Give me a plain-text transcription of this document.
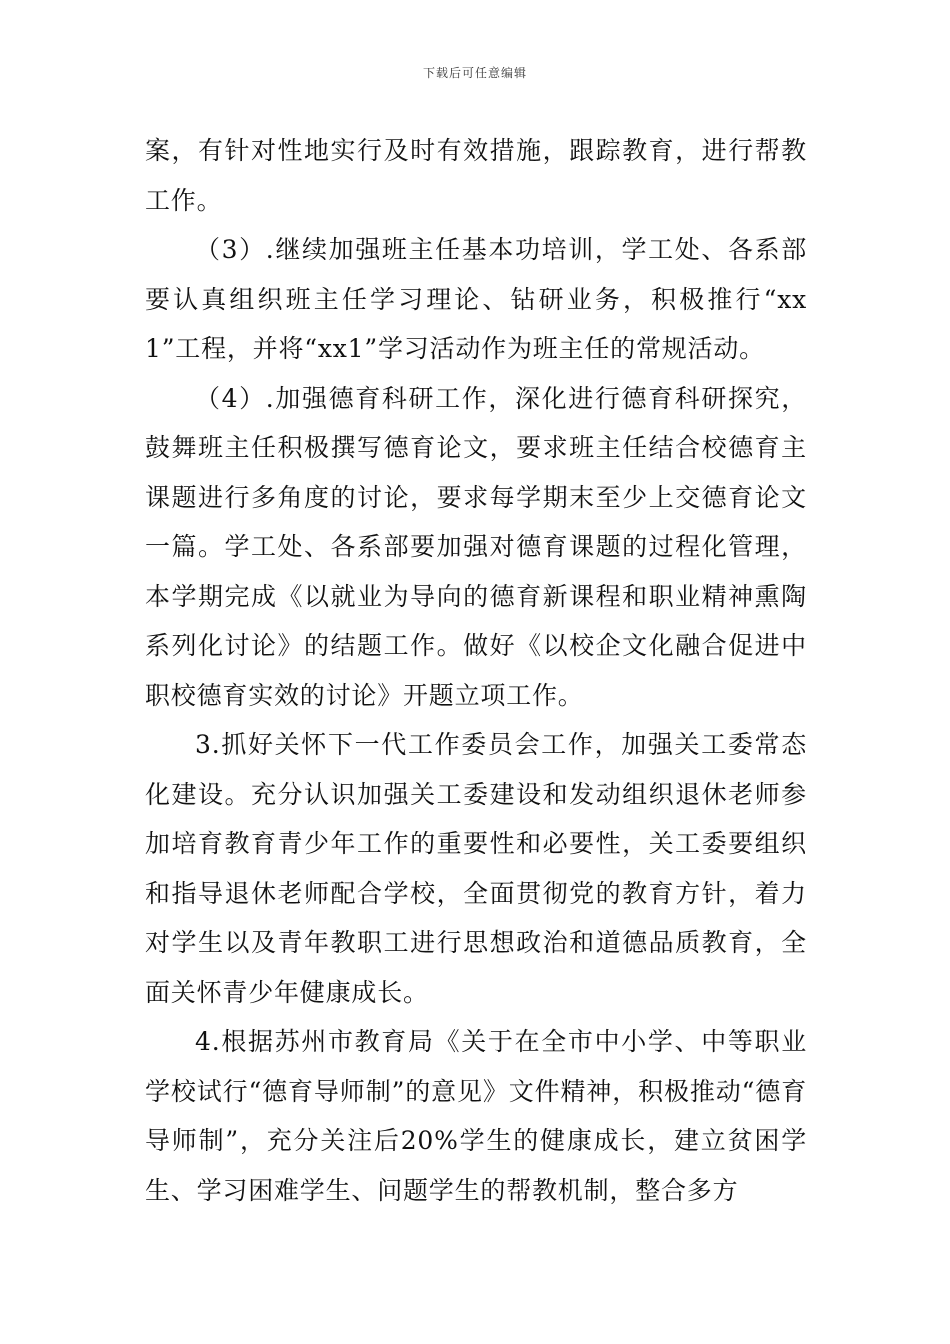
下载后可任意编辑

案，有针对性地实行及时有效措施，跟踪教育，进行帮教工作。

（3）.继续加强班主任基本功培训，学工处、各系部要认真组织班主任学习理论、钻研业务，积极推行“xx1”工程，并将“xx1”学习活动作为班主任的常规活动。

（4）.加强德育科研工作，深化进行德育科研探究，鼓舞班主任积极撰写德育论文，要求班主任结合校德育主课题进行多角度的讨论，要求每学期末至少上交德育论文一篇。学工处、各系部要加强对德育课题的过程化管理，本学期完成《以就业为导向的德育新课程和职业精神熏陶系列化讨论》的结题工作。做好《以校企文化融合促进中职校德育实效的讨论》开题立项工作。

3.抓好关怀下一代工作委员会工作，加强关工委常态化建设。充分认识加强关工委建设和发动组织退休老师参加培育教育青少年工作的重要性和必要性，关工委要组织和指导退休老师配合学校，全面贯彻党的教育方针，着力对学生以及青年教职工进行思想政治和道德品质教育，全面关怀青少年健康成长。

4.根据苏州市教育局《关于在全市中小学、中等职业学校试行“德育导师制”的意见》文件精神，积极推动“德育导师制”，充分关注后20%学生的健康成长，建立贫困学生、学习困难学生、问题学生的帮教机制，整合多方
